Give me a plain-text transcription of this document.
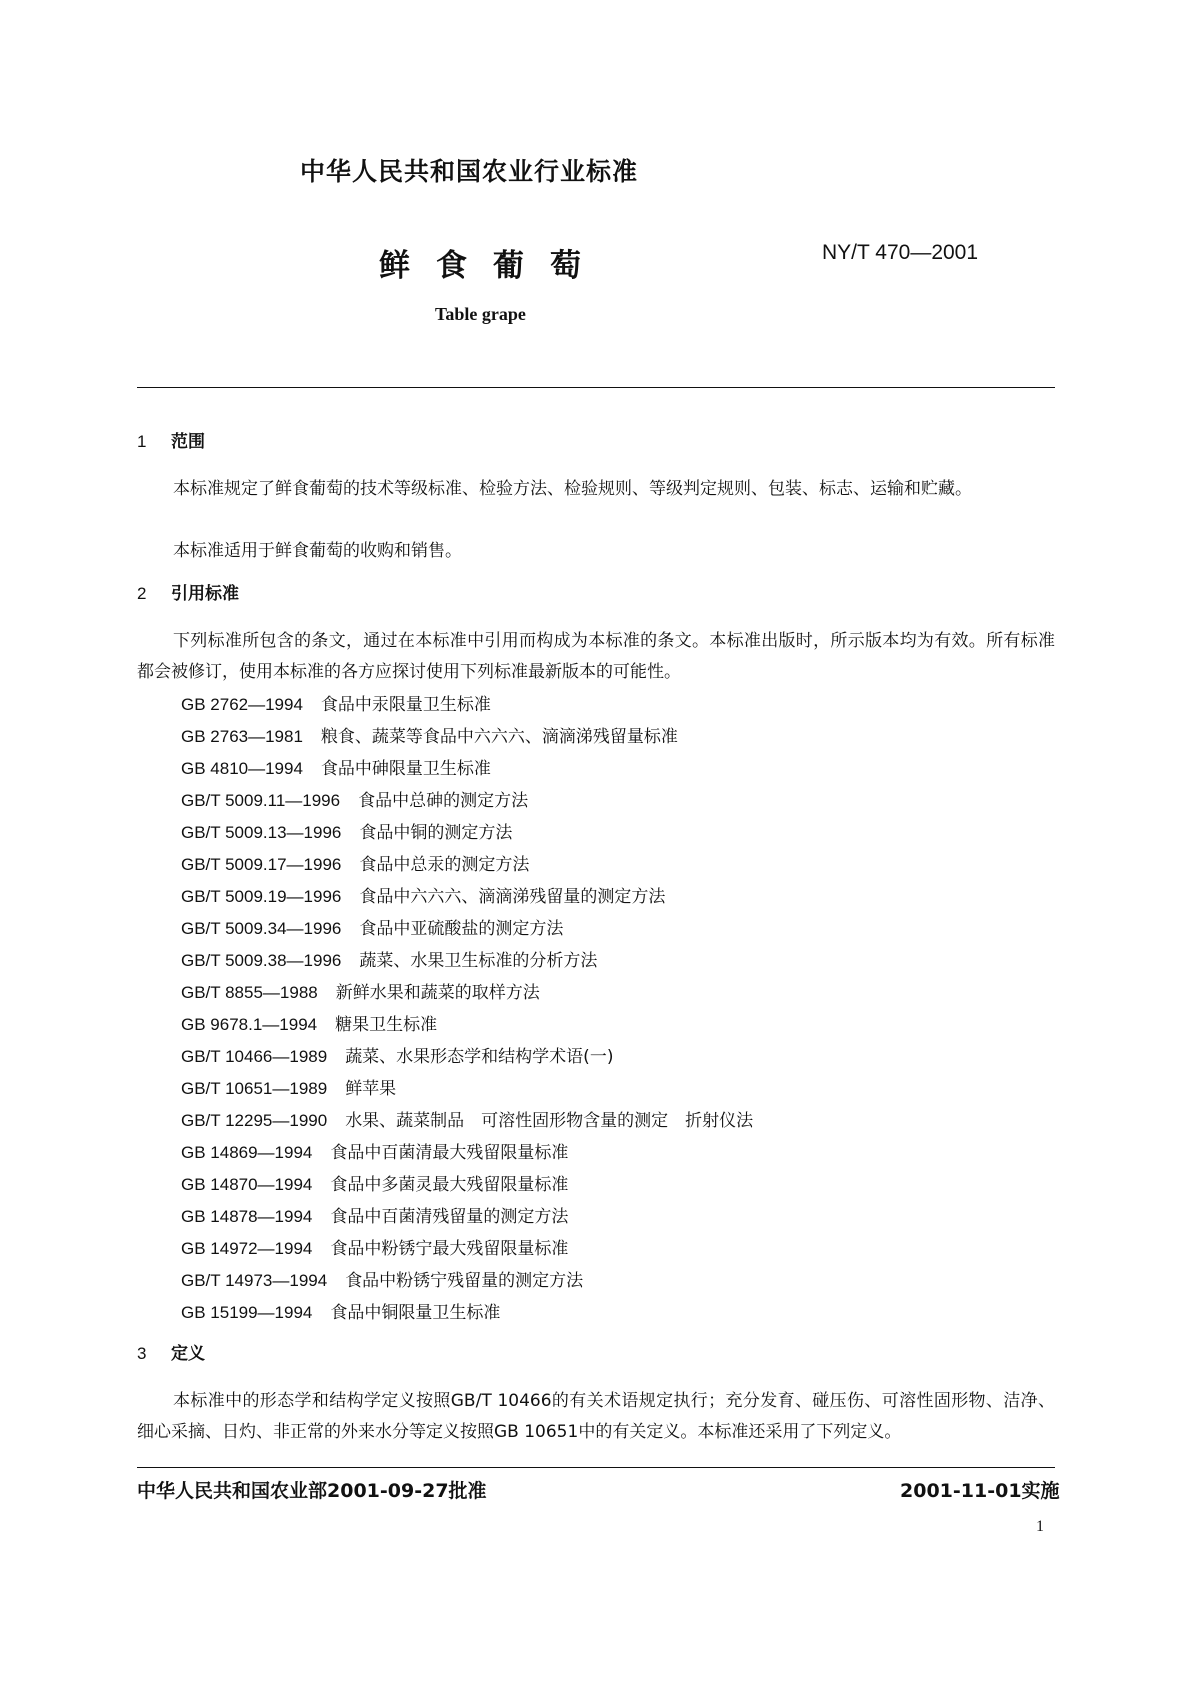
中华人民共和国农业行业标准
鲜食葡萄	NY/T 470—2001
Table grape
1 范围
本标准规定了鲜食葡萄的技术等级标准、检验方法、检验规则、等级判定规则、包装、标志、运输和贮藏。
本标准适用于鲜食葡萄的收购和销售。
2 引用标准
下列标准所包含的条文，通过在本标准中引用而构成为本标准的条文。本标准出版时，所示版本均为有效。所有标准都会被修订，使用本标准的各方应探讨使用下列标准最新版本的可能性。
GB 2762—1994 食品中汞限量卫生标准
GB 2763—1981 粮食、蔬菜等食品中六六六、滴滴涕残留量标准
GB 4810—1994 食品中砷限量卫生标准
GB/T 5009.11—1996 食品中总砷的测定方法
GB/T 5009.13—1996 食品中铜的测定方法
GB/T 5009.17—1996 食品中总汞的测定方法
GB/T 5009.19—1996 食品中六六六、滴滴涕残留量的测定方法
GB/T 5009.34—1996 食品中亚硫酸盐的测定方法
GB/T 5009.38—1996 蔬菜、水果卫生标准的分析方法
GB/T 8855—1988 新鲜水果和蔬菜的取样方法
GB 9678.1—1994 糖果卫生标准
GB/T 10466—1989 蔬菜、水果形态学和结构学术语(一)
GB/T 10651—1989 鲜苹果
GB/T 12295—1990 水果、蔬菜制品　可溶性固形物含量的测定　折射仪法
GB 14869—1994 食品中百菌清最大残留限量标准
GB 14870—1994 食品中多菌灵最大残留限量标准
GB 14878—1994 食品中百菌清残留量的测定方法
GB 14972—1994 食品中粉锈宁最大残留限量标准
GB/T 14973—1994 食品中粉锈宁残留量的测定方法
GB 15199—1994 食品中铜限量卫生标准
3 定义
本标准中的形态学和结构学定义按照GB/T 10466的有关术语规定执行；充分发育、碰压伤、可溶性固形物、洁净、细心采摘、日灼、非正常的外来水分等定义按照GB 10651中的有关定义。本标准还采用了下列定义。
中华人民共和国农业部2001-09-27批准	2001-11-01实施
1
